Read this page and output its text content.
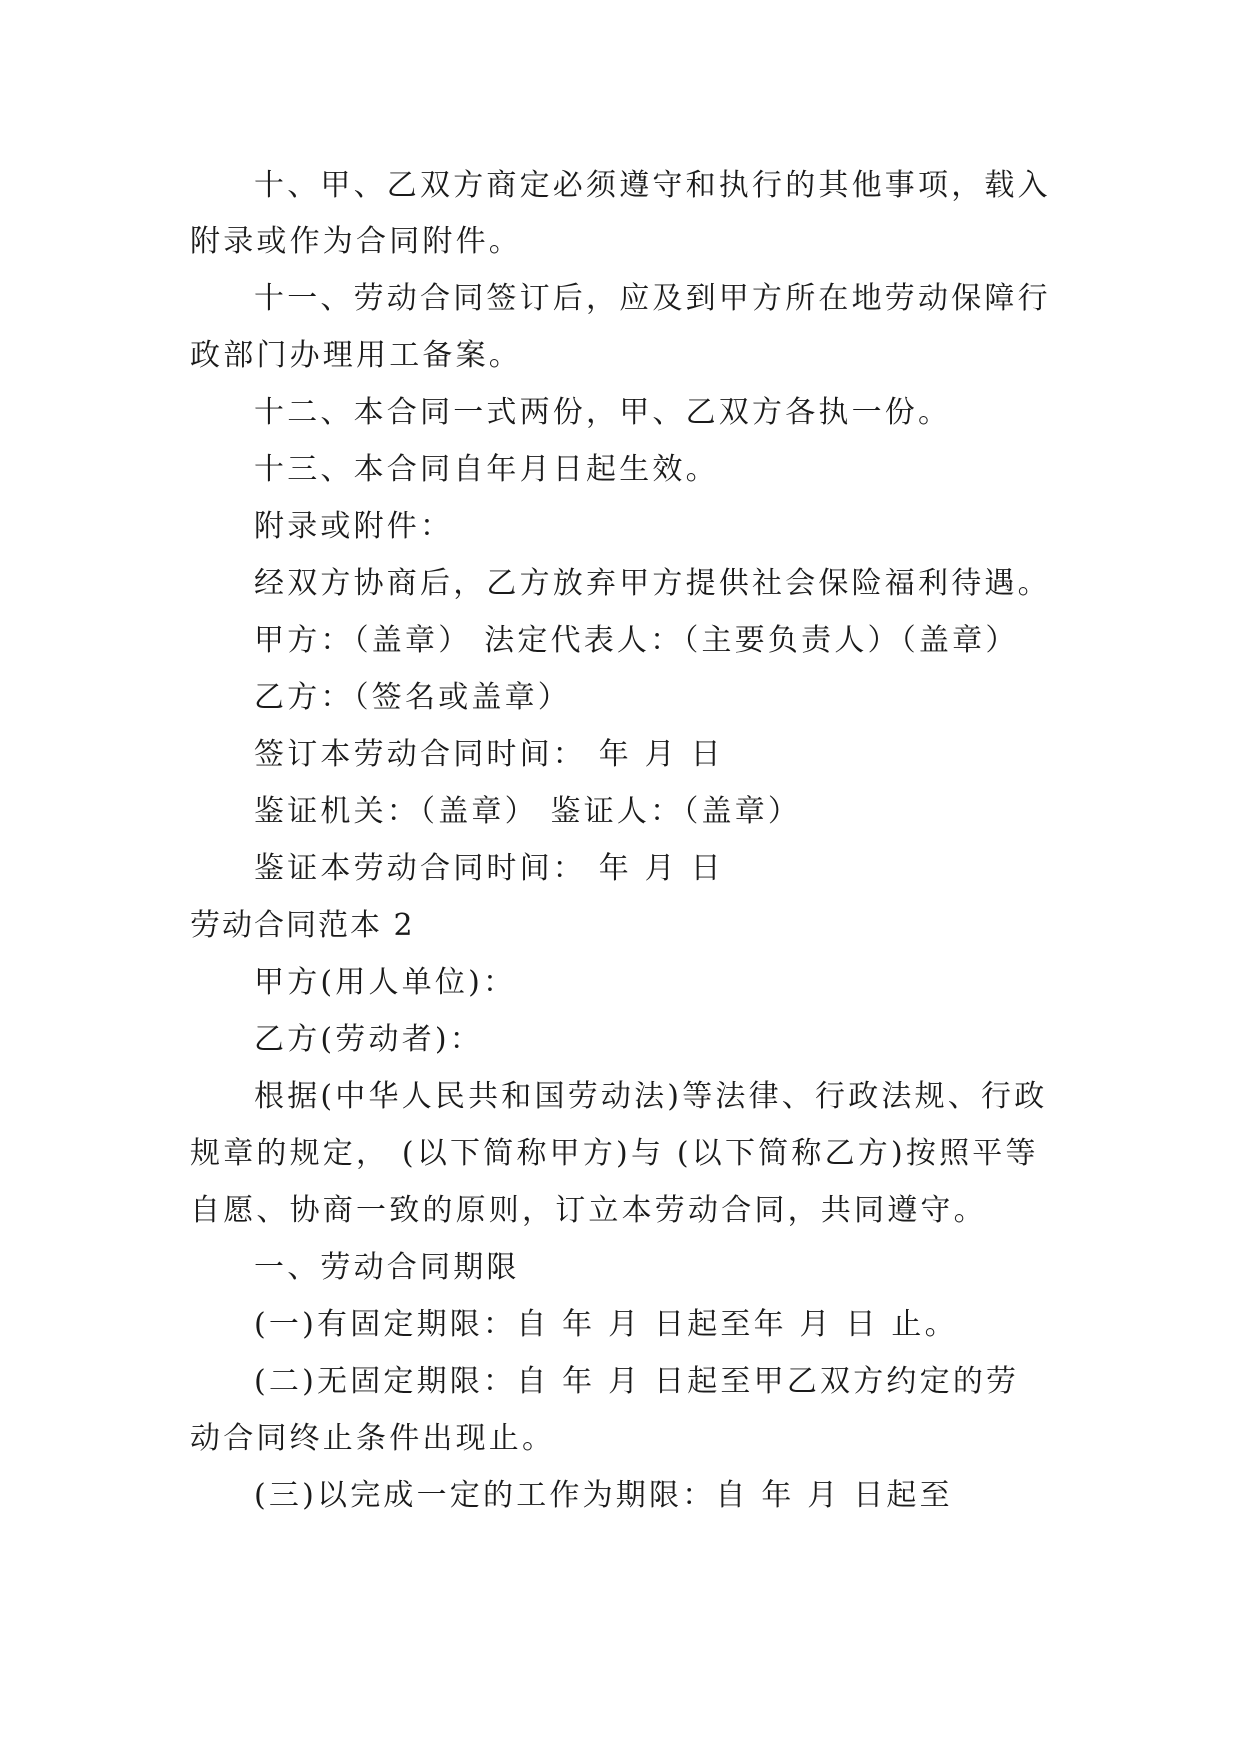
十、甲、乙双方商定必须遵守和执行的其他事项，载入
附录或作为合同附件。
十一、劳动合同签订后，应及到甲方所在地劳动保障行
政部门办理用工备案。
十二、本合同一式两份，甲、乙双方各执一份。
十三、本合同自年月日起生效。
附录或附件：
经双方协商后，乙方放弃甲方提供社会保险福利待遇。
甲方：（盖章） 法定代表人：（主要负责人）（盖章）
乙方：（签名或盖章）
签订本劳动合同时间： 年 月 日
鉴证机关：（盖章） 鉴证人：（盖章）
鉴证本劳动合同时间： 年 月 日
劳动合同范本 2
甲方(用人单位)：
乙方(劳动者)：
根据(中华人民共和国劳动法)等法律、行政法规、行政
规章的规定， (以下简称甲方)与 (以下简称乙方)按照平等
自愿、协商一致的原则，订立本劳动合同，共同遵守。
一、劳动合同期限
(一)有固定期限：自 年 月 日起至年 月 日 止。
(二)无固定期限：自 年 月 日起至甲乙双方约定的劳
动合同终止条件出现止。
(三)以完成一定的工作为期限：自 年 月 日起至
